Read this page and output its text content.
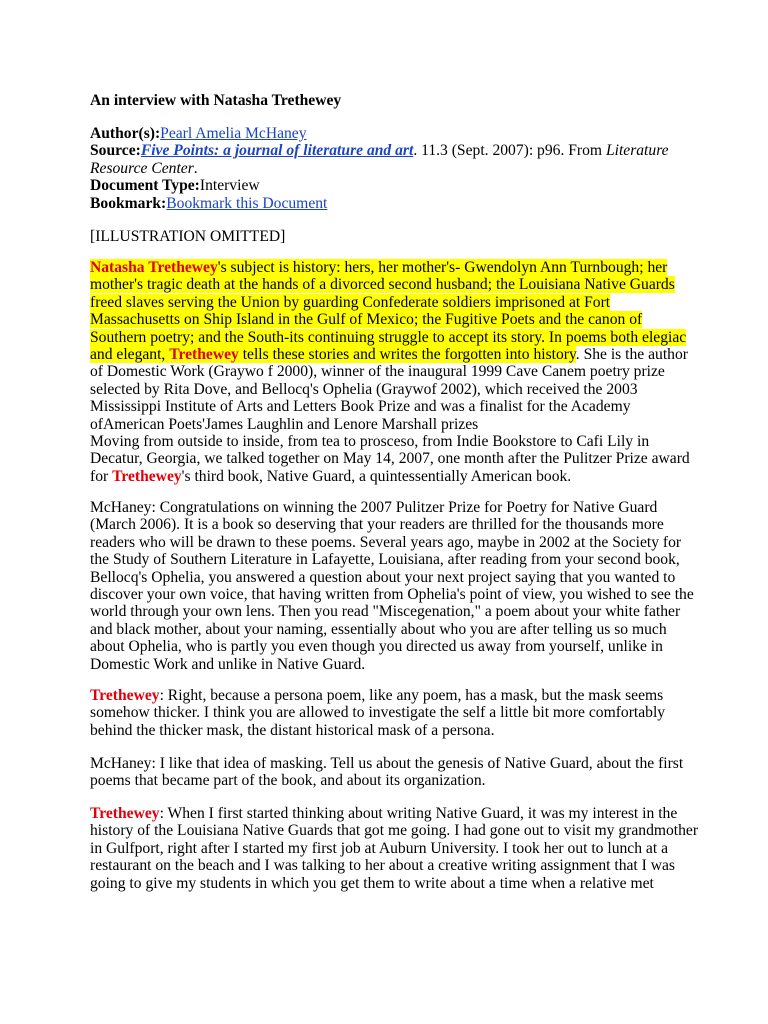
An interview with Natasha Trethewey
Author(s):Pearl Amelia McHaney
Source:Five Points: a journal of literature and art. 11.3 (Sept. 2007): p96. From Literature Resource Center.
Document Type:Interview
Bookmark:Bookmark this Document
[ILLUSTRATION OMITTED]
Natasha Trethewey's subject is history: hers, her mother's- Gwendolyn Ann Turnbough; her
mother's tragic death at the hands of a divorced second husband; the Louisiana Native Guards
freed slaves serving the Union by guarding Confederate soldiers imprisoned at Fort
Massachusetts on Ship Island in the Gulf of Mexico; the Fugitive Poets and the canon of
Southern poetry; and the South-its continuing struggle to accept its story. In poems both elegiac
and elegant, Trethewey tells these stories and writes the forgotten into history. She is the author
of Domestic Work (Graywo f 2000), winner of the inaugural 1999 Cave Canem poetry prize
selected by Rita Dove, and Bellocq's Ophelia (Graywof 2002), which received the 2003
Mississippi Institute of Arts and Letters Book Prize and was a finalist for the Academy
ofAmerican Poets'James Laughlin and Lenore Marshall prizes
Moving from outside to inside, from tea to prosceso, from Indie Bookstore to Cafi Lily in
Decatur, Georgia, we talked together on May 14, 2007, one month after the Pulitzer Prize award
for Trethewey's third book, Native Guard, a quintessentially American book.
McHaney: Congratulations on winning the 2007 Pulitzer Prize for Poetry for Native Guard
(March 2006). It is a book so deserving that your readers are thrilled for the thousands more
readers who will be drawn to these poems. Several years ago, maybe in 2002 at the Society for
the Study of Southern Literature in Lafayette, Louisiana, after reading from your second book,
Bellocq's Ophelia, you answered a question about your next project saying that you wanted to
discover your own voice, that having written from Ophelia's point of view, you wished to see the
world through your own lens. Then you read "Miscegenation," a poem about your white father
and black mother, about your naming, essentially about who you are after telling us so much
about Ophelia, who is partly you even though you directed us away from yourself, unlike in
Domestic Work and unlike in Native Guard.
Trethewey: Right, because a persona poem, like any poem, has a mask, but the mask seems
somehow thicker. I think you are allowed to investigate the self a little bit more comfortably
behind the thicker mask, the distant historical mask of a persona.
McHaney: I like that idea of masking. Tell us about the genesis of Native Guard, about the first
poems that became part of the book, and about its organization.
Trethewey: When I first started thinking about writing Native Guard, it was my interest in the
history of the Louisiana Native Guards that got me going. I had gone out to visit my grandmother
in Gulfport, right after I started my first job at Auburn University. I took her out to lunch at a
restaurant on the beach and I was talking to her about a creative writing assignment that I was
going to give my students in which you get them to write about a time when a relative met
